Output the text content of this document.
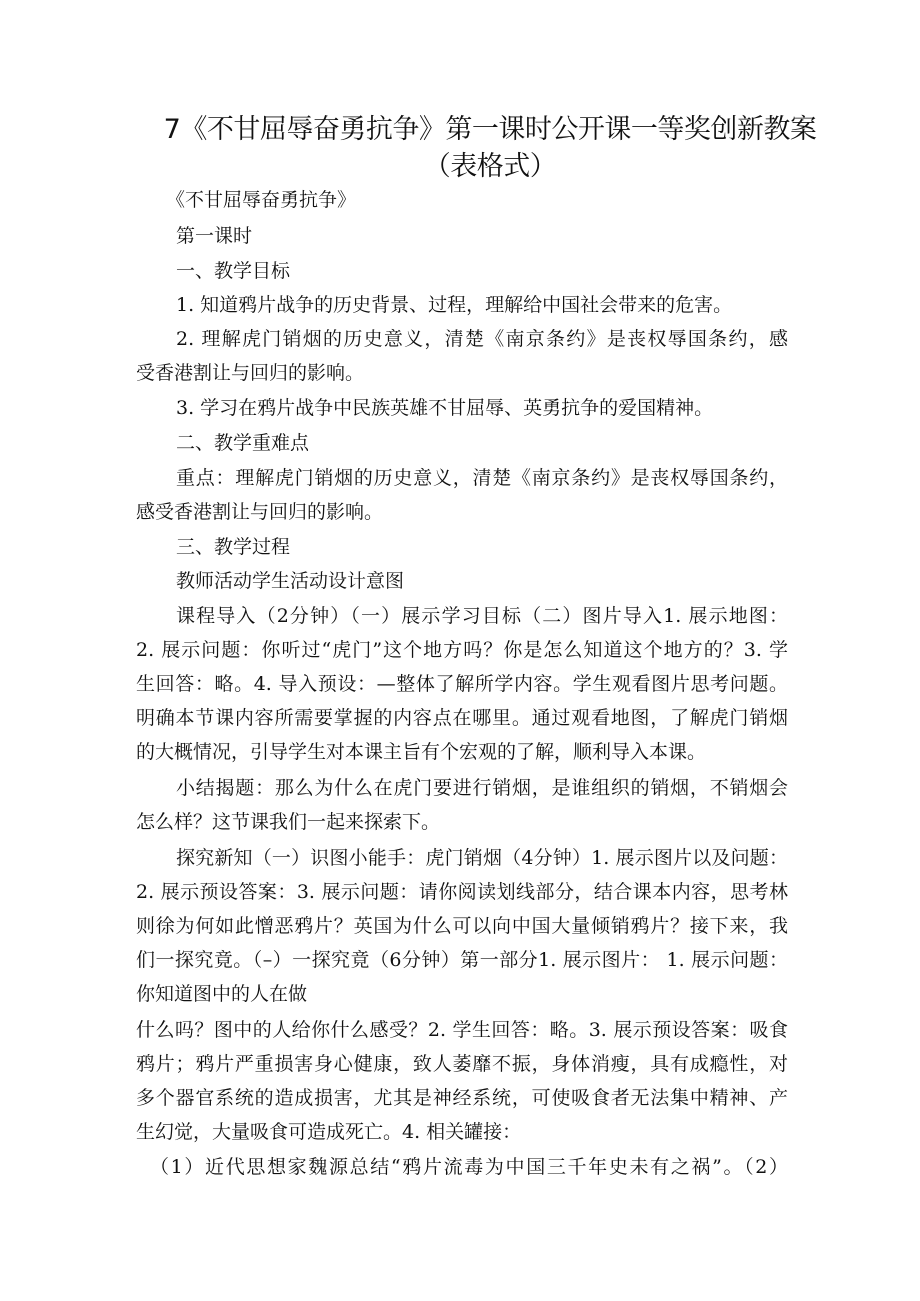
7《不甘屈辱奋勇抗争》第一课时公开课一等奖创新教案
（表格式）
《不甘屈辱奋勇抗争》
第一课时
一、教学目标
1. 知道鸦片战争的历史背景、过程，理解给中国社会带来的危害。
2. 理解虎门销烟的历史意义，清楚《南京条约》是丧权辱国条约，感
受香港割让与回归的影响。
3. 学习在鸦片战争中民族英雄不甘屈辱、英勇抗争的爱国精神。
二、教学重难点
重点：理解虎门销烟的历史意义，清楚《南京条约》是丧权辱国条约，
感受香港割让与回归的影响。
三、教学过程
教师活动学生活动设计意图
课程导入（2分钟）（一）展示学习目标（二）图片导入1. 展示地图：
2. 展示问题：你听过“虎门”这个地方吗？你是怎么知道这个地方的？3. 学
生回答：略。4. 导入预设：—整体了解所学内容。学生观看图片思考问题。
明确本节课内容所需要掌握的内容点在哪里。通过观看地图，了解虎门销烟
的大概情况，引导学生对本课主旨有个宏观的了解，顺利导入本课。
小结揭题：那么为什么在虎门要进行销烟，是谁组织的销烟，不销烟会
怎么样？这节课我们一起来探索下。
探究新知（一）识图小能手：虎门销烟（4分钟）1. 展示图片以及问题：
2. 展示预设答案：3. 展示问题：请你阅读划线部分，结合课本内容，思考林
则徐为何如此憎恶鸦片？英国为什么可以向中国大量倾销鸦片？接下来，我
们一探究竟。（–）一探究竟（6分钟）第一部分1. 展示图片： 1. 展示问题：
你知道图中的人在做
什么吗？图中的人给你什么感受？2. 学生回答：略。3. 展示预设答案：吸食
鸦片；鸦片严重损害身心健康，致人萎靡不振，身体消瘦，具有成瘾性，对
多个器官系统的造成损害，尤其是神经系统，可使吸食者无法集中精神、产
生幻觉，大量吸食可造成死亡。4. 相关罐接：
（1）近代思想家魏源总结“鸦片流毒为中国三千年史未有之祸”。（2）
